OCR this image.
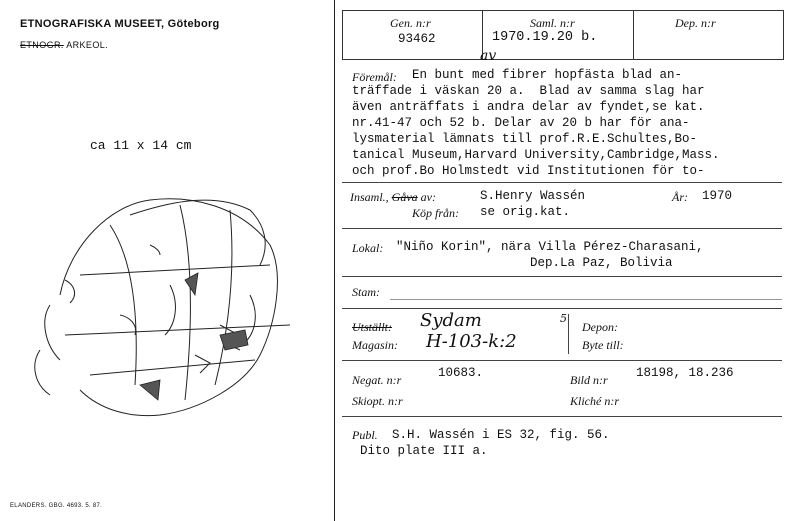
ETNOGRAFISKA MUSEET, Göteborg
ETNOGR. ARKEOL.
ca 11 x 14 cm
ELANDERS. GBG. 4693. 5. 87.
Gen. n:r
93462
Saml. n:r
1970.19.20 b.
Dep. n:r
av
Föremål: En bunt med fibrer hopfästa blad an-
träffade i väskan 20 a.  Blad av samma slag har
även anträffats i andra delar av fyndet,se kat.
nr.41-47 och 52 b. Delar av 20 b har för ana-
lysmaterial lämnats till prof.R.E.Schultes,Bo-
tanical Museum,Harvard University,Cambridge,Mass.
och prof.Bo Holmstedt vid Institutionen för to-
Insaml., Gåva av:	S.Henry Wassén	År: 1970
Köp från: se orig.kat.
Lokal: "Niño Korin", nära Villa Pérez-Charasani,
Dep.La Paz, Bolivia
Stam:
Utställt: Sydam	5
Magasin: H-103-k:2
Depon:
Byte till:
Negat. n:r	10683.	Bild n:r 18198, 18.236
Skiopt. n:r	Kliché n:r
Publ. S.H. Wassén i ES 32, fig. 56.
Dito plate III a.
